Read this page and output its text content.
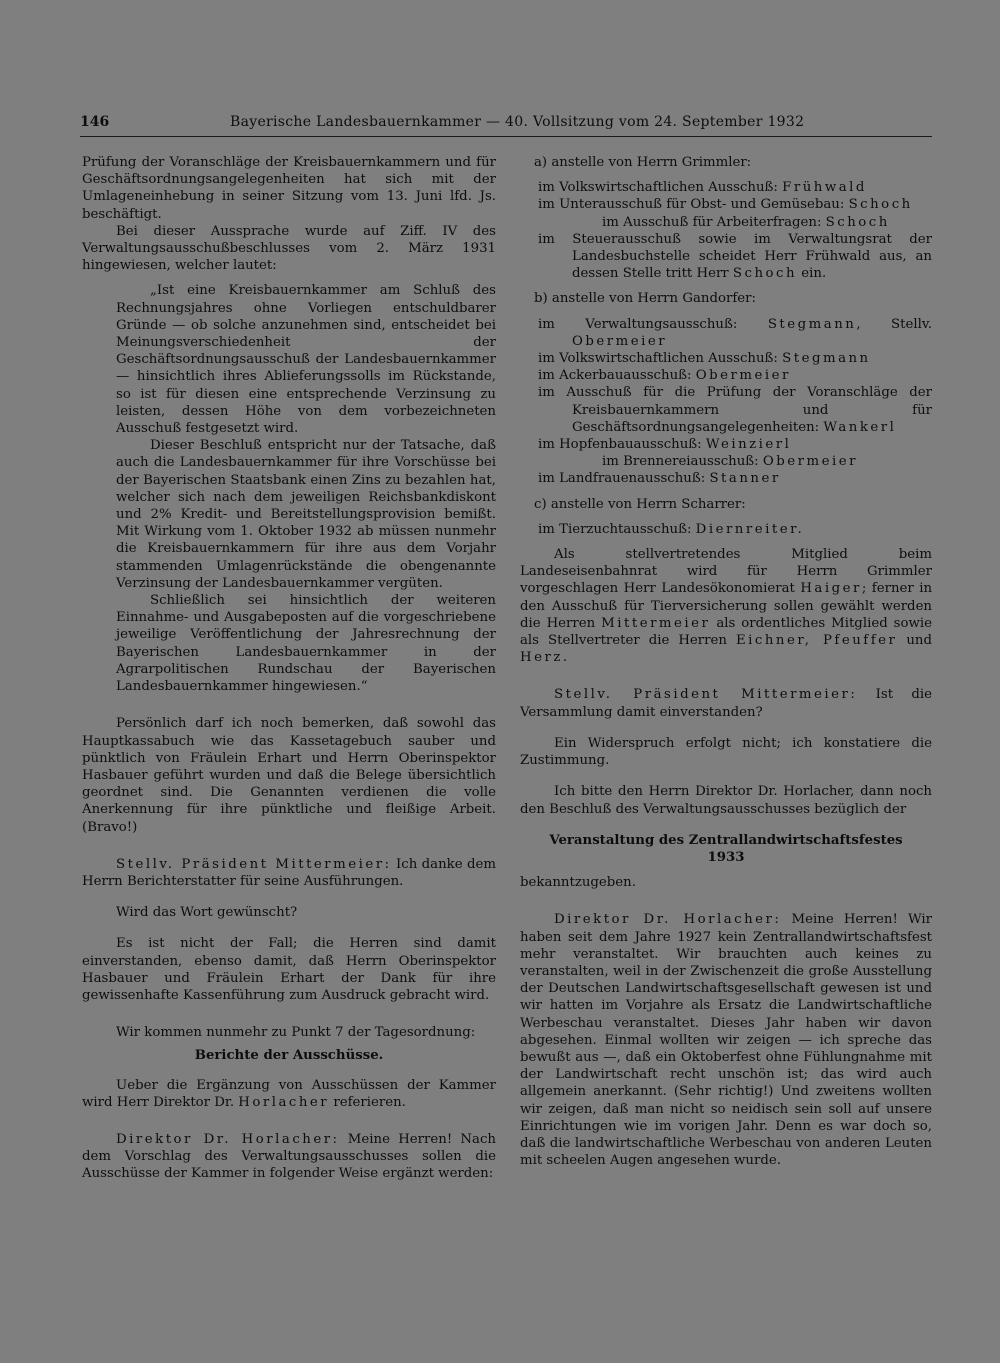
146	Bayerische Landesbauernkammer — 40. Vollsitzung vom 24. September 1932

Prüfung der Voranschläge der Kreisbauernkammern und für Geschäftsordnungsangelegenheiten hat sich mit der Umlageneinhebung in seiner Sitzung vom 13. Juni lfd. Js. beschäftigt.

Bei dieser Aussprache wurde auf Ziff. IV des Verwaltungsausschußbeschlusses vom 2. März 1931 hingewiesen, welcher lautet:

„Ist eine Kreisbauernkammer am Schluß des Rechnungsjahres ohne Vorliegen entschuldbarer Gründe — ob solche anzunehmen sind, entscheidet bei Meinungsverschiedenheit der Geschäftsordnungsausschuß der Landesbauernkammer — hinsichtlich ihres Ablieferungssolls im Rückstande, so ist für diesen eine entsprechende Verzinsung zu leisten, dessen Höhe von dem vorbezeichneten Ausschuß festgesetzt wird.

Dieser Beschluß entspricht nur der Tatsache, daß auch die Landesbauernkammer für ihre Vorschüsse bei der Bayerischen Staatsbank einen Zins zu bezahlen hat, welcher sich nach dem jeweiligen Reichsbankdiskont und 2% Kredit- und Bereitstellungsprovision bemißt. Mit Wirkung vom 1. Oktober 1932 ab müssen nunmehr die Kreisbauernkammern für ihre aus dem Vorjahr stammenden Umlagenrückstände die obengenannte Verzinsung der Landesbauernkammer vergüten.

Schließlich sei hinsichtlich der weiteren Einnahme- und Ausgabeposten auf die vorgeschriebene jeweilige Veröffentlichung der Jahresrechnung der Bayerischen Landesbauernkammer in der Agrarpolitischen Rundschau der Bayerischen Landesbauernkammer hingewiesen.“

Persönlich darf ich noch bemerken, daß sowohl das Hauptkassabuch wie das Kassetagebuch sauber und pünktlich von Fräulein Erhart und Herrn Oberinspektor Hasbauer geführt wurden und daß die Belege übersichtlich geordnet sind. Die Genannten verdienen die volle Anerkennung für ihre pünktliche und fleißige Arbeit. (Bravo!)

Stellv. Präsident Mittermeier: Ich danke dem Herrn Berichterstatter für seine Ausführungen.

Wird das Wort gewünscht?

Es ist nicht der Fall; die Herren sind damit einverstanden, ebenso damit, daß Herrn Oberinspektor Hasbauer und Fräulein Erhart der Dank für ihre gewissenhafte Kassenführung zum Ausdruck gebracht wird.

Wir kommen nunmehr zu Punkt 7 der Tagesordnung:

Berichte der Ausschüsse.

Ueber die Ergänzung von Ausschüssen der Kammer wird Herr Direktor Dr. Horlacher referieren.

Direktor Dr. Horlacher: Meine Herren! Nach dem Vorschlag des Verwaltungsausschusses sollen die Ausschüsse der Kammer in folgender Weise ergänzt werden:

a) anstelle von Herrn Grimmler:

im Volkswirtschaftlichen Ausschuß: Frühwald

im Unterausschuß für Obst- und Gemüsebau: Schoch

im Ausschuß für Arbeiterfragen: Schoch

im Steuerausschuß sowie im Verwaltungsrat der Landesbuchstelle scheidet Herr Frühwald aus, an dessen Stelle tritt Herr Schoch ein.

b) anstelle von Herrn Gandorfer:

im Verwaltungsausschuß: Stegmann, Stellv. Obermeier

im Volkswirtschaftlichen Ausschuß: Stegmann

im Ackerbauausschuß: Obermeier

im Ausschuß für die Prüfung der Voranschläge der Kreisbauernkammern und für Geschäftsordnungsangelegenheiten: Wankerl

im Hopfenbauausschuß: Weinzierl

im Brennereiausschuß: Obermeier

im Landfrauenausschuß: Stanner

c) anstelle von Herrn Scharrer:

im Tierzuchtausschuß: Diernreiter.

Als stellvertretendes Mitglied beim Landeseisenbahnrat wird für Herrn Grimmler vorgeschlagen Herr Landesökonomierat Haiger; ferner in den Ausschuß für Tierversicherung sollen gewählt werden die Herren Mittermeier als ordentliches Mitglied sowie als Stellvertreter die Herren Eichner, Pfeuffer und Herz.

Stellv. Präsident Mittermeier: Ist die Versammlung damit einverstanden?

Ein Widerspruch erfolgt nicht; ich konstatiere die Zustimmung.

Ich bitte den Herrn Direktor Dr. Horlacher, dann noch den Beschluß des Verwaltungsausschusses bezüglich der

Veranstaltung des Zentrallandwirtschaftsfestes
1933

bekanntzugeben.

Direktor Dr. Horlacher: Meine Herren! Wir haben seit dem Jahre 1927 kein Zentrallandwirtschaftsfest mehr veranstaltet. Wir brauchten auch keines zu veranstalten, weil in der Zwischenzeit die große Ausstellung der Deutschen Landwirtschaftsgesellschaft gewesen ist und wir hatten im Vorjahre als Ersatz die Landwirtschaftliche Werbeschau veranstaltet. Dieses Jahr haben wir davon abgesehen. Einmal wollten wir zeigen — ich spreche das bewußt aus —, daß ein Oktoberfest ohne Fühlungnahme mit der Landwirtschaft recht unschön ist; das wird auch allgemein anerkannt. (Sehr richtig!) Und zweitens wollten wir zeigen, daß man nicht so neidisch sein soll auf unsere Einrichtungen wie im vorigen Jahr. Denn es war doch so, daß die landwirtschaftliche Werbeschau von anderen Leuten mit scheelen Augen angesehen wurde.
